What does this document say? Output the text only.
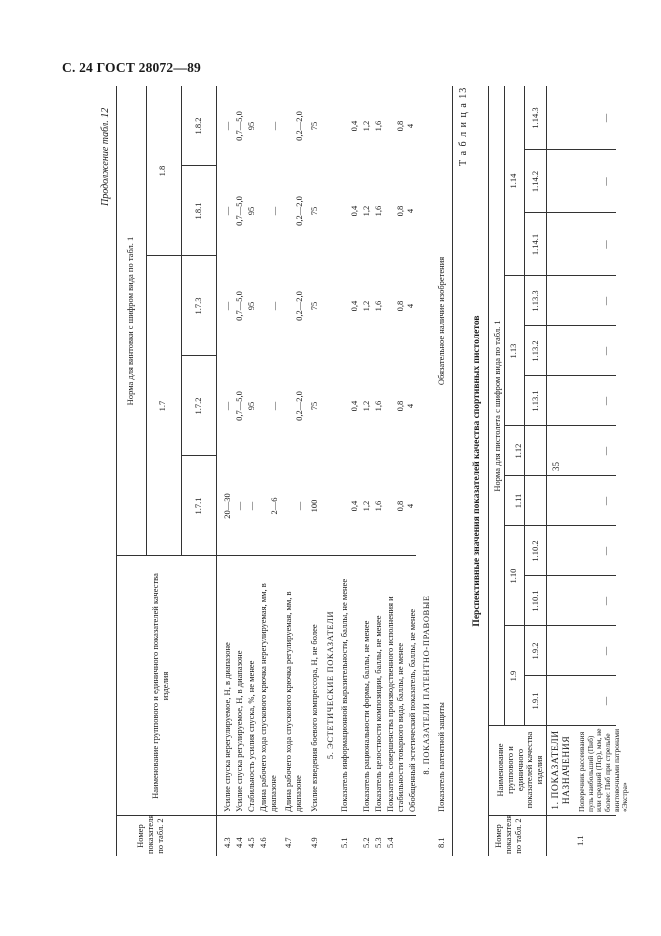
С. 24 ГОСТ 28072—89
Продолжение табл. 12
Номер показателя по табл. 2
Наименование группового и единичного показателей качества изделия
Норма для винтовки с шифром вида по табл. 1
1.7
1.8
1.7.1
1.7.2
1.7.3
1.8.1
1.8.2
4.3
Усилие спуска нерегулируемое, Н, в диапазоне
20—30
—
—
—
—
4.4
Усилие спуска регулируемое, Н, в диапазоне
—
0,7—5,0
0,7—5,0
0,7—5,0
0,7—5,0
4.5
Стабильность усилия спуска, %, не менее
—
95
95
95
95
4.6
Длина рабочего хода спускового крючка нерегулируемая, мм, в диапазоне
2—6
—
—
—
—
4.7
Длина рабочего хода спускового крючка регулируемая, мм, в диапазоне
—
0,2—2,0
0,2—2,0
0,2—2,0
0,2—2,0
4.9
Усилие взведения боевого компрессора, Н, не более
100
75
75
75
75
5. ЭСТЕТИЧЕСКИЕ ПОКАЗАТЕЛИ
5.1
Показатель информационной выразительности, баллы, не менее
0,4
0,4
0,4
0,4
0,4
5.2
Показатель рациональности формы, баллы, не менее
1,2
1,2
1,2
1,2
1,2
5.3
Показатель целостности композиции, баллы, не менее
1,6
1,6
1,6
1,6
1,6
5.4
Показатель совершенства производственного исполнения и стабильности товарного вида, баллы, не менее Обобщенный эстетический показатель, баллы, не менее
0,8
0,8
0,8
0,8
0,8
4
4
4
4
4
8. ПОКАЗАТЕЛИ ПАТЕНТНО-ПРАВОВЫЕ
8.1
Показатель патентной защиты
Обязательное наличие изобретения
Т а б л и ц а 13
Перспективные значения показателей качества спортивных пистолетов
Номер показателя по табл. 2
Наименование группового и единичного показателей качества изделия
Норма для пистолета с шифром вида по табл. 1
1.9
1.10
1.11
1.12
1.13
1.14
1.9.1
1.9.2
1.10.1
1.10.2
1.13.1
1.13.2
1.13.3
1.14.1
1.14.2
1.14.3
1. ПОКАЗАТЕЛИ НАЗНАЧЕНИЯ
1.1
Поперечник рассеивания пуль наибольший (Пнб) или средний (Пср), мм, не более: Пнб при стрельбе винтовочными патронами «Экстра»
—
—
—
—
—
—
—
—
—
—
—
—
35
